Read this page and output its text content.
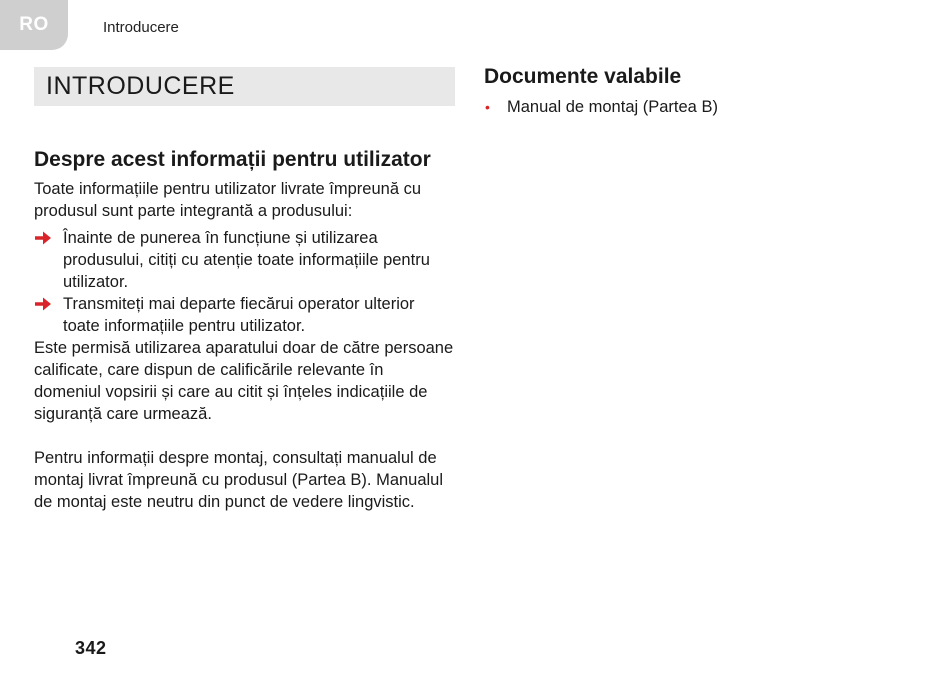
RO	Introducere
INTRODUCERE
Despre acest informații pentru utilizator

Toate informațiile pentru utilizator livrate împreună cu produsul sunt parte integrantă a produsului:

Înainte de punerea în funcțiune și utilizarea produsului, citiți cu atenție toate informațiile pentru utilizator.
Transmiteți mai departe fiecărui operator ulterior toate informațiile pentru utilizator.

Este permisă utilizarea aparatului doar de către persoane calificate, care dispun de calificările relevante în domeniul vopsirii și care au citit și înțeles indicațiile de siguranță care urmează.

Pentru informații despre montaj, consultați manualul de montaj livrat împreună cu produsul (Partea B). Manualul de montaj este neutru din punct de vedere lingvistic.

Documente valabile
• Manual de montaj (Partea B)
342
